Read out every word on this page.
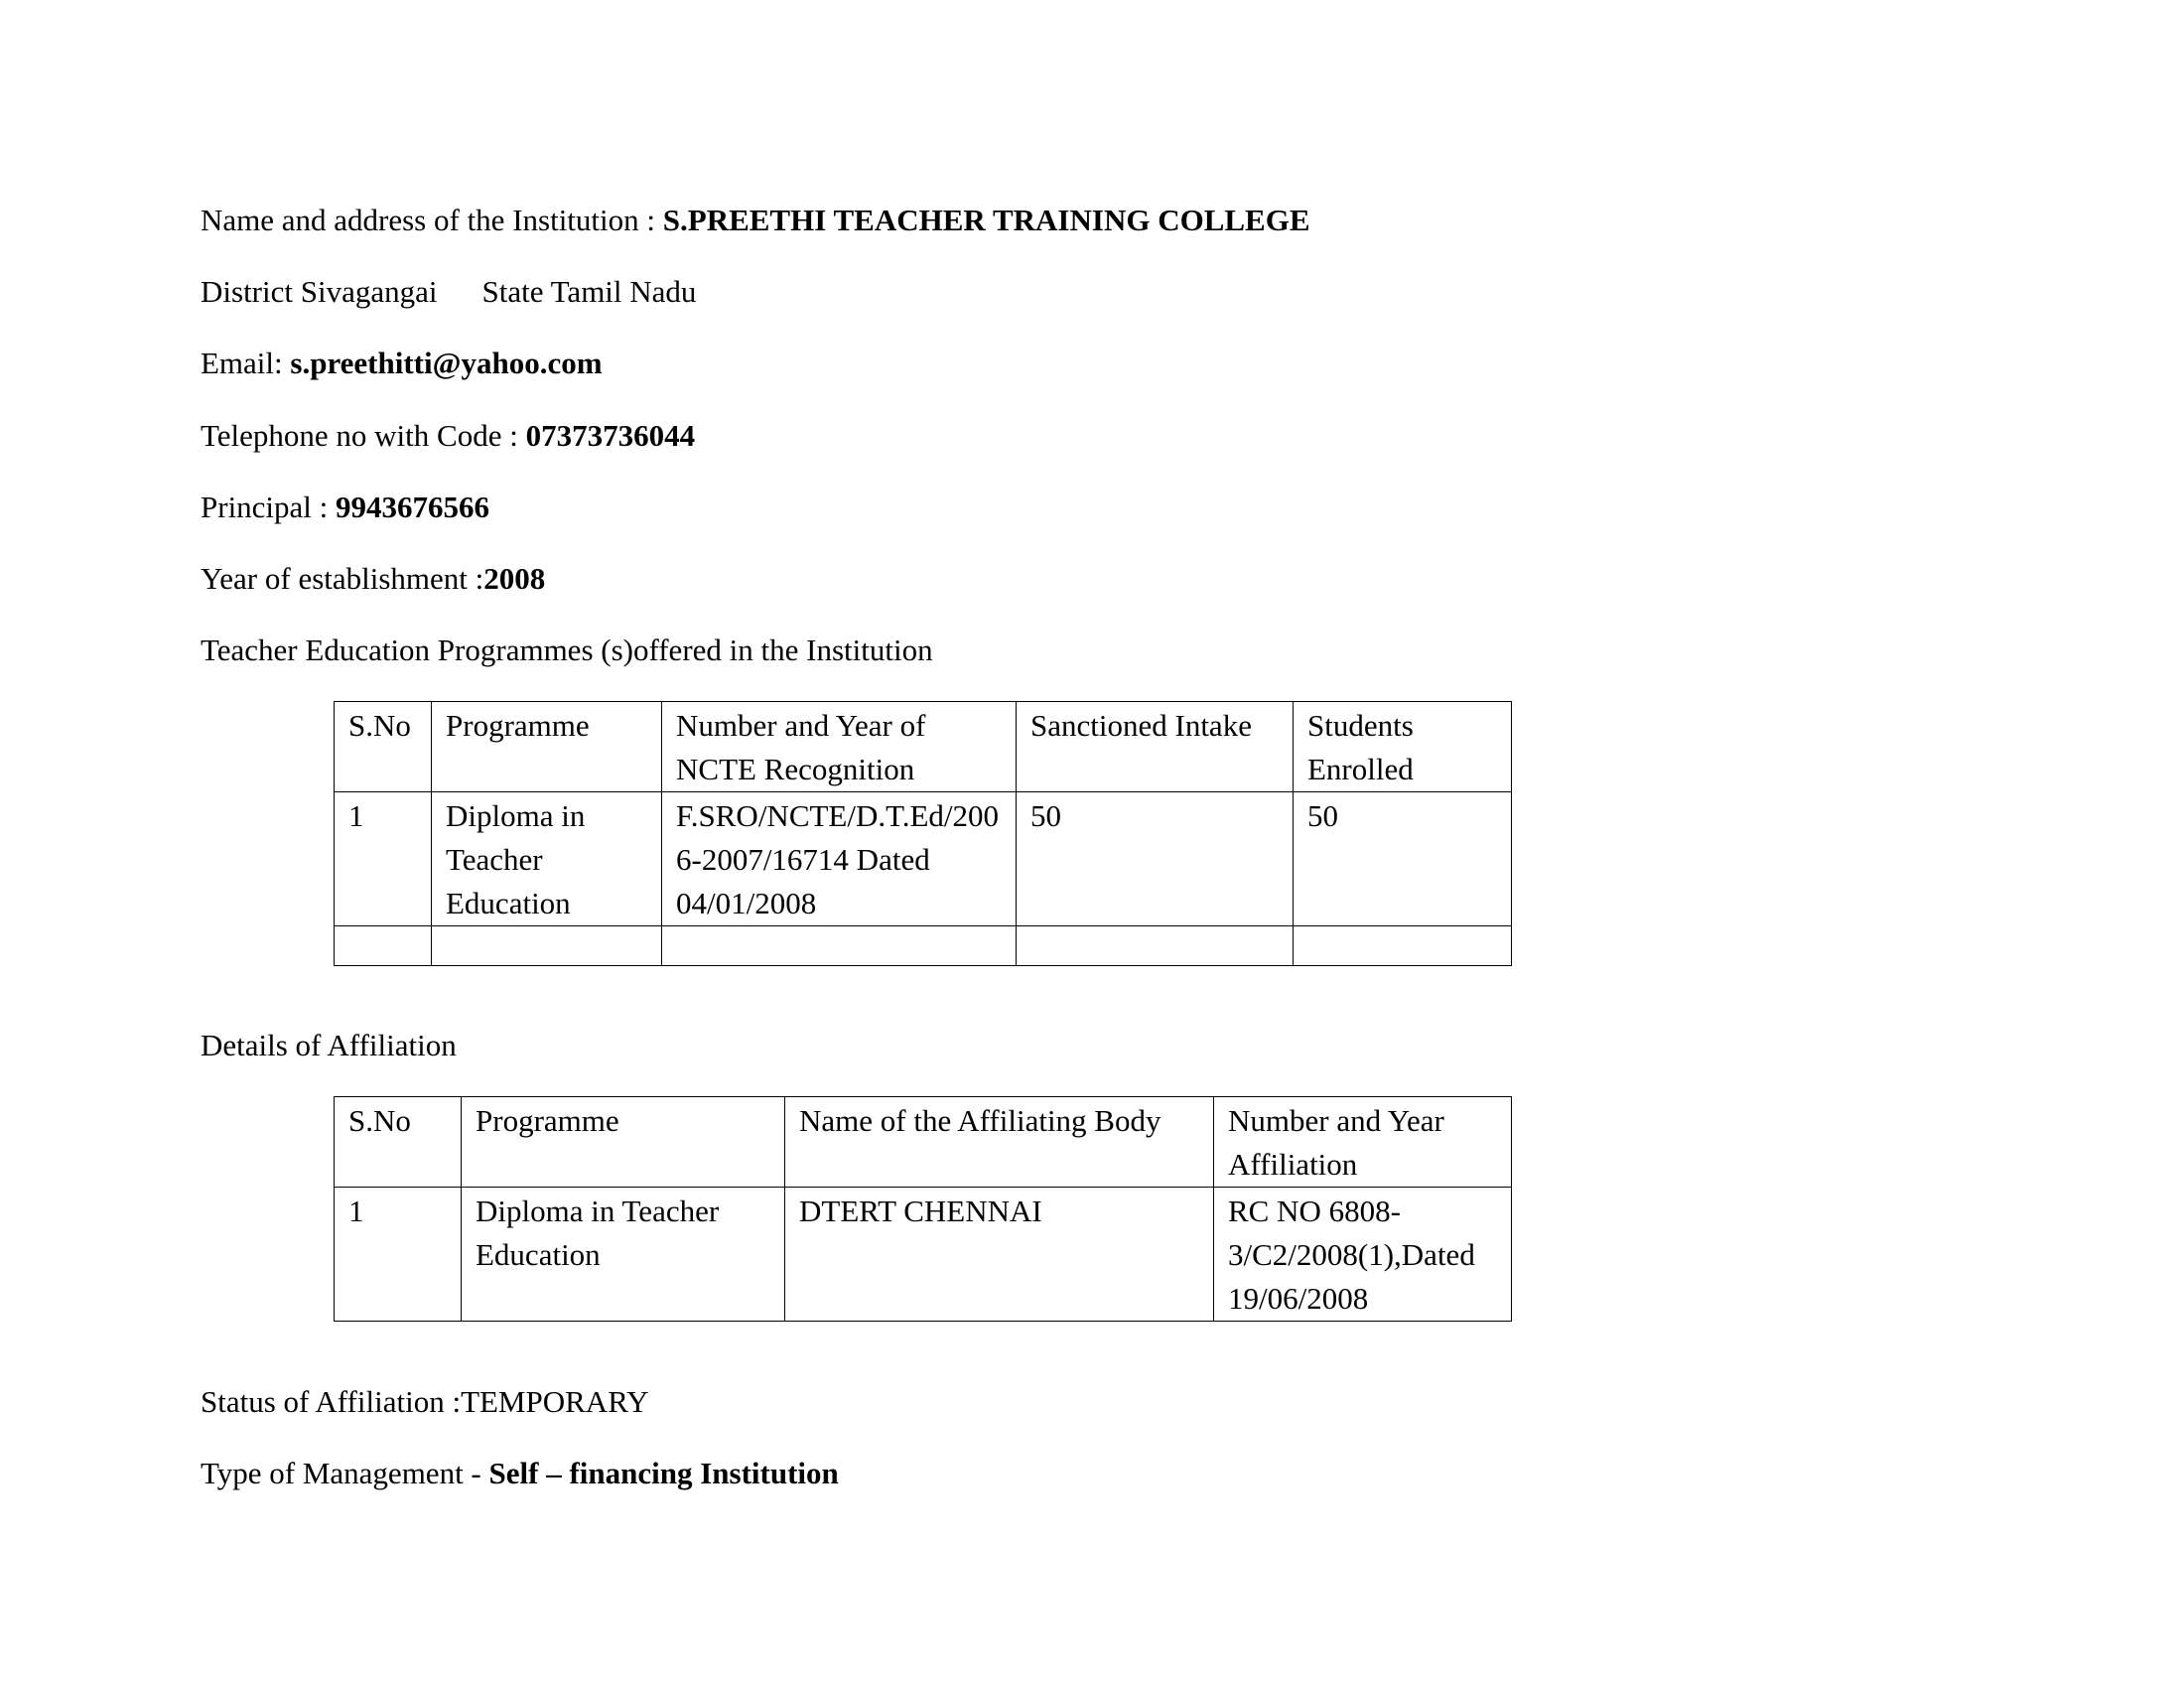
Name and address of the Institution : S.PREETHI TEACHER TRAINING COLLEGE
District Sivagangai State Tamil Nadu
Email: s.preethitti@yahoo.com
Telephone no with Code : 07373736044
Principal : 9943676566
Year of establishment :2008
Teacher Education Programmes (s)offered in the Institution
S.No	Programme	Number and Year of NCTE Recognition	Sanctioned Intake	Students Enrolled
1	Diploma in Teacher Education	F.SRO/NCTE/D.T.Ed/2006-2007/16714 Dated 04/01/2008	50	50

Details of Affiliation
S.No	Programme	Name of the Affiliating Body	Number and Year Affiliation
1	Diploma in Teacher Education	DTERT CHENNAI	RC NO 6808-3/C2/2008(1),Dated 19/06/2008
Status of Affiliation :TEMPORARY
Type of Management - Self – financing Institution
